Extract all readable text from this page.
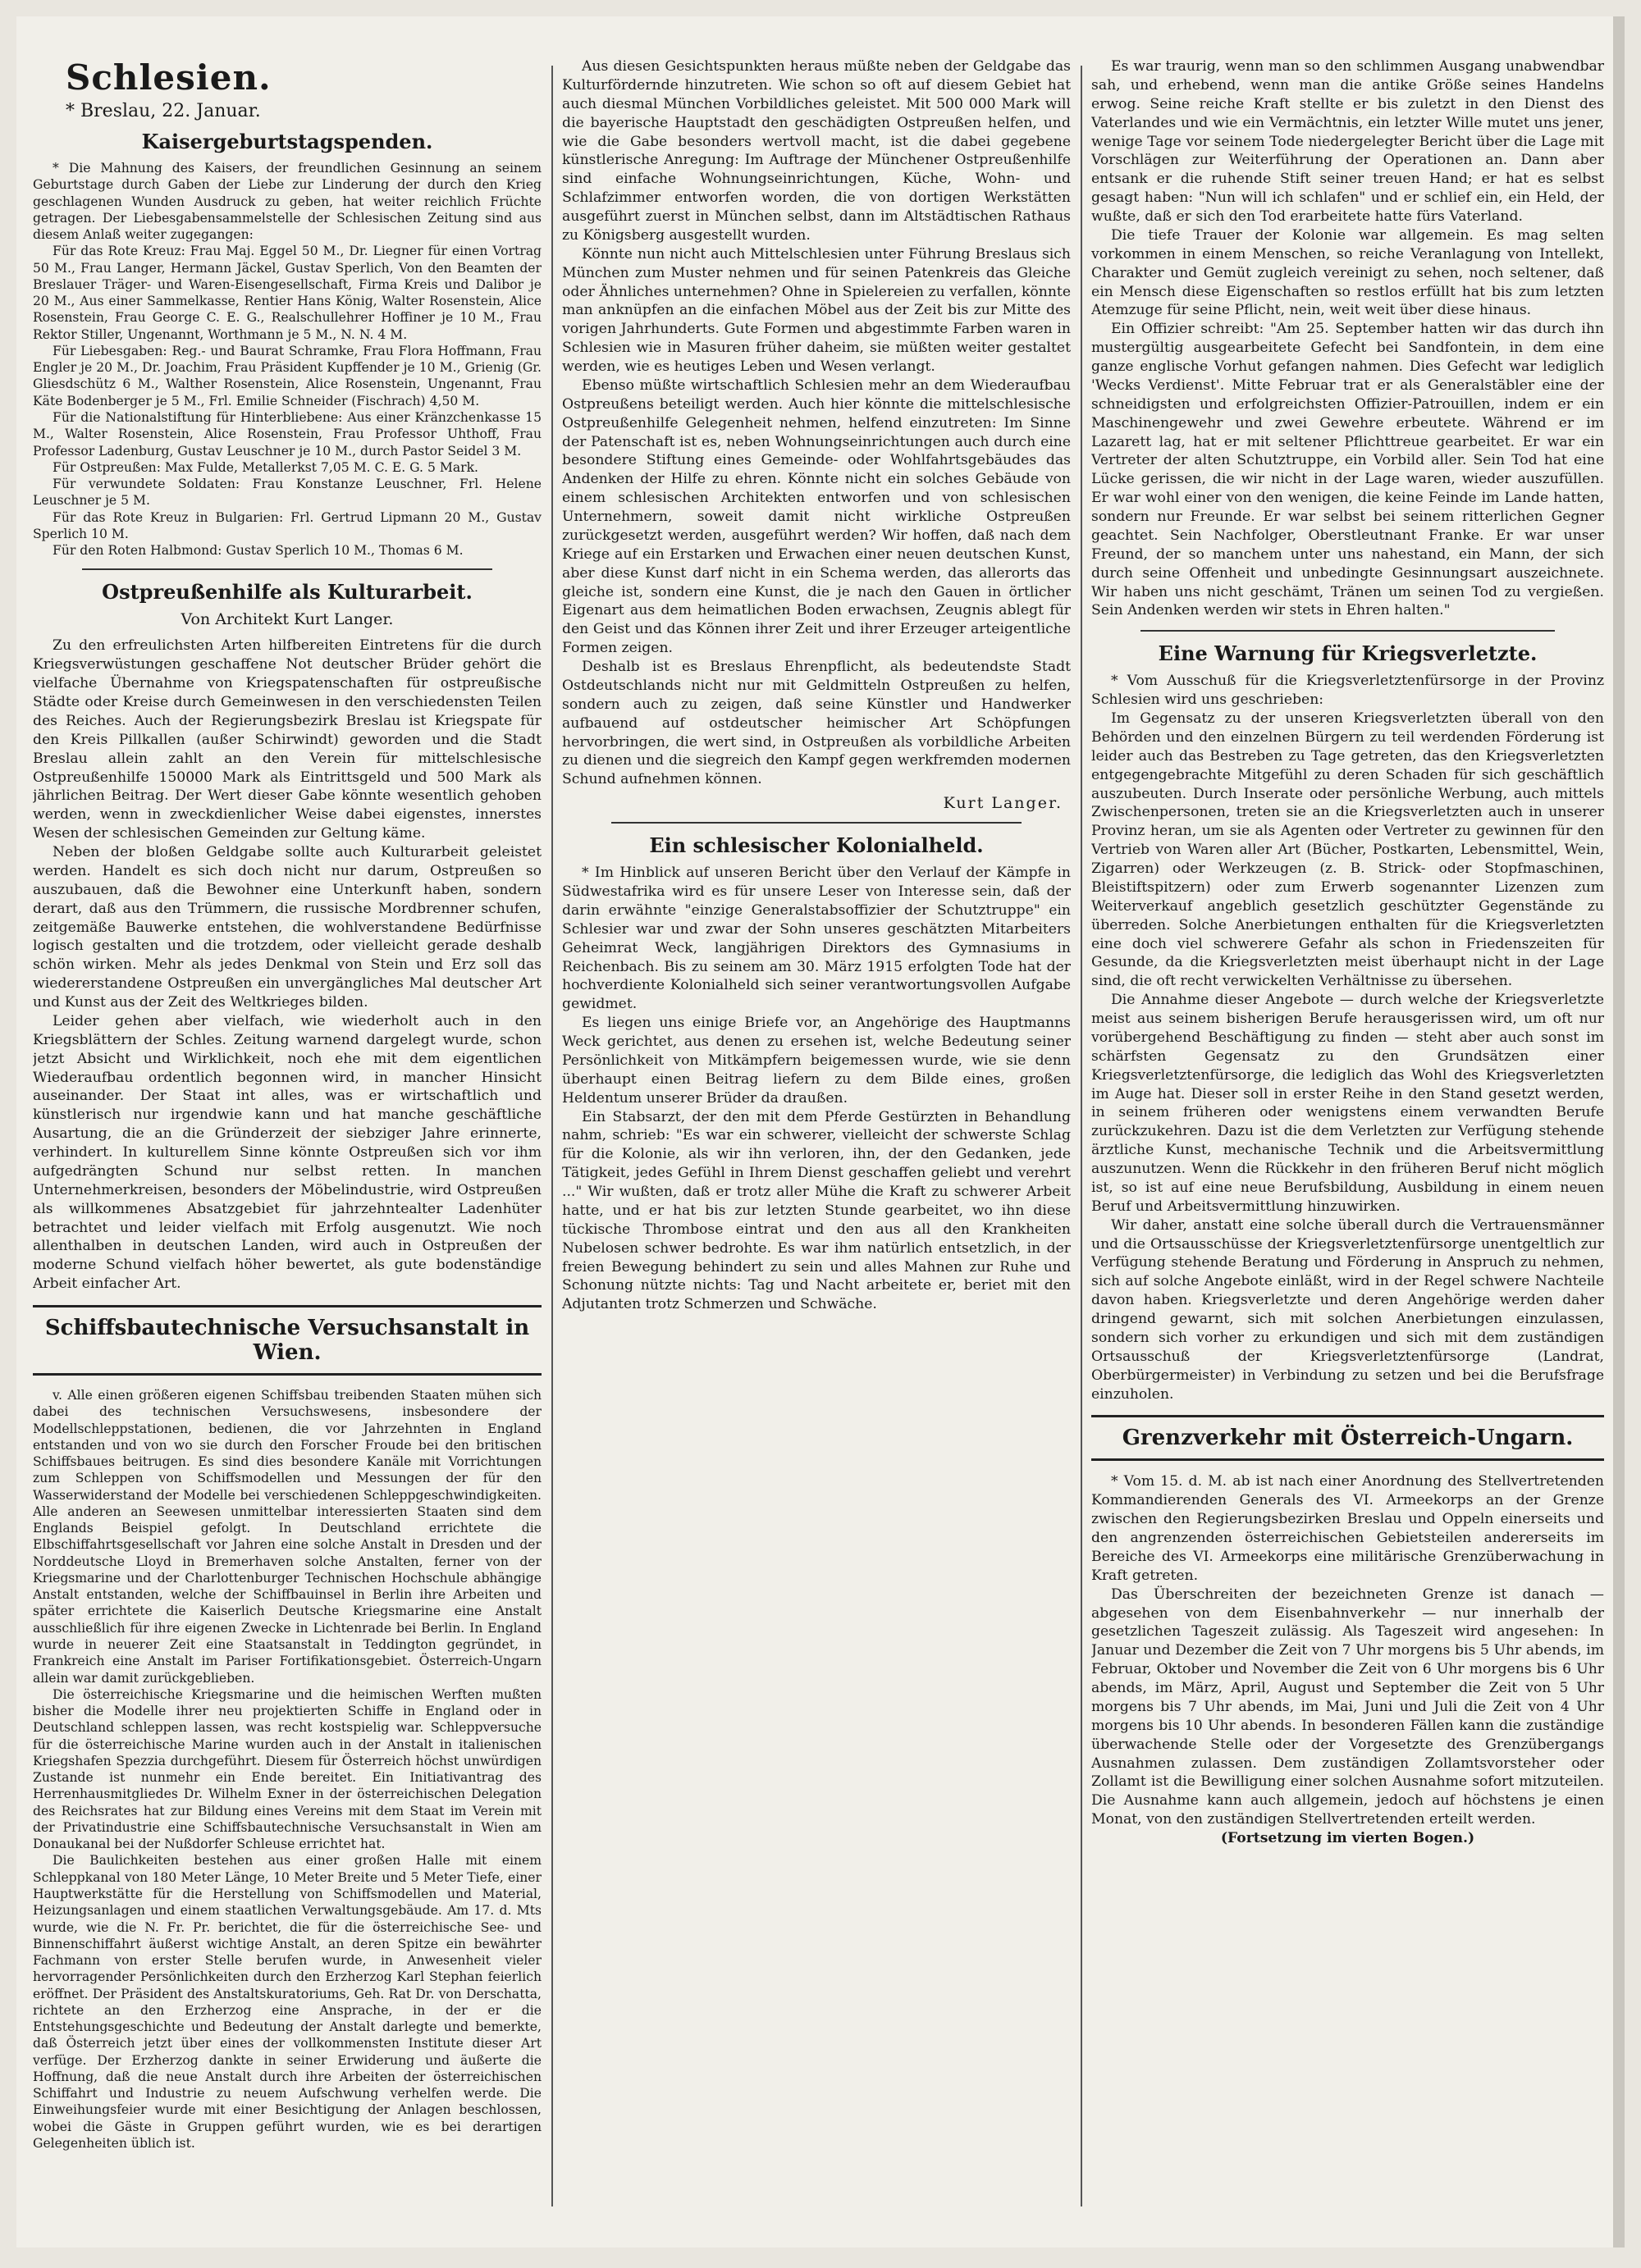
Schlesien.
* Breslau, 22. Januar.
Kaisergeburtstagspenden.

* Die Mahnung des Kaisers, der freundlichen Gesinnung an seinem Geburtstage durch Gaben der Liebe zur Linderung der durch den Krieg geschlagenen Wunden Ausdruck zu geben, hat weiter reichlich Früchte getragen. Der Liebesgabensammelstelle der Schlesischen Zeitung sind aus diesem Anlaß weiter zugegangen:

Für das Rote Kreuz: Frau Maj. Eggel 50 M., Dr. Liegner für einen Vortrag 50 M., Frau Langer, Hermann Jäckel, Gustav Sperlich, Von den Beamten der Breslauer Träger- und Waren-Eisengesellschaft, Firma Kreis und Dalibor je 20 M., Aus einer Sammelkasse, Rentier Hans König, Walter Rosenstein, Alice Rosenstein, Frau George C. E. G., Realschullehrer Hoffiner je 10 M., Frau Rektor Stiller, Ungenannt, Worthmann je 5 M., N. N. 4 M.

Für Liebesgaben: Reg.- und Baurat Schramke, Frau Flora Hoffmann, Frau Engler je 20 M., Dr. Joachim, Frau Präsident Kupffender je 10 M., Grienig (Gr. Gliesdschütz 6 M., Walther Rosenstein, Alice Rosenstein, Ungenannt, Frau Käte Bodenberger je 5 M., Frl. Emilie Schneider (Fischrach) 4,50 M.

Für die Nationalstiftung für Hinterbliebene: Aus einer Kränzchenkasse 15 M., Walter Rosenstein, Alice Rosenstein, Frau Professor Uhthoff, Frau Professor Ladenburg, Gustav Leuschner je 10 M., durch Pastor Seidel 3 M.

Für Ostpreußen: Max Fulde, Metallerkst 7,05 M. C. E. G. 5 Mark.

Für verwundete Soldaten: Frau Konstanze Leuschner, Frl. Helene Leuschner je 5 M.

Für das Rote Kreuz in Bulgarien: Frl. Gertrud Lipmann 20 M., Gustav Sperlich 10 M.

Für den Roten Halbmond: Gustav Sperlich 10 M., Thomas 6 M.

Ostpreußenhilfe als Kulturarbeit.
Von Architekt Kurt Langer.

Zu den erfreulichsten Arten hilfbereiten Eintretens für die durch Kriegsverwüstungen geschaffene Not deutscher Brüder gehört die vielfache Übernahme von Kriegspatenschaften für ostpreußische Städte oder Kreise durch Gemeinwesen in den verschiedensten Teilen des Reiches. Auch der Regierungsbezirk Breslau ist Kriegspate für den Kreis Pillkallen (außer Schirwindt) geworden und die Stadt Breslau allein zahlt an den Verein für mittelschlesische Ostpreußenhilfe 150000 Mark als Eintrittsgeld und 500 Mark als jährlichen Beitrag. Der Wert dieser Gabe könnte wesentlich gehoben werden, wenn in zweckdienlicher Weise dabei eigenstes, innerstes Wesen der schlesischen Gemeinden zur Geltung käme.

Neben der bloßen Geldgabe sollte auch Kulturarbeit geleistet werden. Handelt es sich doch nicht nur darum, Ostpreußen so auszubauen, daß die Bewohner eine Unterkunft haben, sondern derart, daß aus den Trümmern, die russische Mordbrenner schufen, zeitgemäße Bauwerke entstehen, die wohlverstandene Bedürfnisse logisch gestalten und die trotzdem, oder vielleicht gerade deshalb schön wirken. Mehr als jedes Denkmal von Stein und Erz soll das wiedererstandene Ostpreußen ein unvergängliches Mal deutscher Art und Kunst aus der Zeit des Weltkrieges bilden.

Leider gehen aber vielfach, wie wiederholt auch in den Kriegsblättern der Schles. Zeitung warnend dargelegt wurde, schon jetzt Absicht und Wirklichkeit, noch ehe mit dem eigentlichen Wiederaufbau ordentlich begonnen wird, in mancher Hinsicht auseinander. Der Staat int alles, was er wirtschaftlich und künstlerisch nur irgendwie kann und hat manche geschäftliche Ausartung, die an die Gründerzeit der siebziger Jahre erinnerte, verhindert. In kulturellem Sinne könnte Ostpreußen sich vor ihm aufgedrängten Schund nur selbst retten. In manchen Unternehmerkreisen, besonders der Möbelindustrie, wird Ostpreußen als willkommenes Absatzgebiet für jahrzehntealter Ladenhüter betrachtet und leider vielfach mit Erfolg ausgenutzt. Wie noch allenthalben in deutschen Landen, wird auch in Ostpreußen der moderne Schund vielfach höher bewertet, als gute bodenständige Arbeit einfacher Art.

Schiffsbautechnische Versuchsanstalt in Wien.

v. Alle einen größeren eigenen Schiffsbau treibenden Staaten mühen sich dabei des technischen Versuchswesens, insbesondere der Modellschleppstationen, bedienen, die vor Jahrzehnten in England entstanden und von wo sie durch den Forscher Froude bei den britischen Schiffsbaues beitrugen. Es sind dies besondere Kanäle mit Vorrichtungen zum Schleppen von Schiffsmodellen und Messungen der für den Wasserwiderstand der Modelle bei verschiedenen Schleppgeschwindigkeiten. Alle anderen an Seewesen unmittelbar interessierten Staaten sind dem Englands Beispiel gefolgt. In Deutschland errichtete die Elbschiffahrtsgesellschaft vor Jahren eine solche Anstalt in Dresden und der Norddeutsche Lloyd in Bremerhaven solche Anstalten, ferner von der Kriegsmarine und der Charlottenburger Technischen Hochschule abhängige Anstalt entstanden, welche der Schiffbauinsel in Berlin ihre Arbeiten und später errichtete die Kaiserlich Deutsche Kriegsmarine eine Anstalt ausschließlich für ihre eigenen Zwecke in Lichtenrade bei Berlin. In England wurde in neuerer Zeit eine Staatsanstalt in Teddington gegründet, in Frankreich eine Anstalt im Pariser Fortifikationsgebiet. Österreich-Ungarn allein war damit zurückgeblieben.

Die österreichische Kriegsmarine und die heimischen Werften mußten bisher die Modelle ihrer neu projektierten Schiffe in England oder in Deutschland schleppen lassen, was recht kostspielig war. Schleppversuche für die österreichische Marine wurden auch in der Anstalt in italienischen Kriegshafen Spezzia durchgeführt. Diesem für Österreich höchst unwürdigen Zustande ist nunmehr ein Ende bereitet. Ein Initiativantrag des Herrenhausmitgliedes Dr. Wilhelm Exner in der österreichischen Delegation des Reichsrates hat zur Bildung eines Vereins mit dem Staat im Verein mit der Privatindustrie eine Schiffsbautechnische Versuchsanstalt in Wien am Donaukanal bei der Nußdorfer Schleuse errichtet hat.

Die Baulichkeiten bestehen aus einer großen Halle mit einem Schleppkanal von 180 Meter Länge, 10 Meter Breite und 5 Meter Tiefe, einer Hauptwerkstätte für die Herstellung von Schiffsmodellen und Material, Heizungsanlagen und einem staatlichen Verwaltungsgebäude. Am 17. d. Mts wurde, wie die N. Fr. Pr. berichtet, die für die österreichische See- und Binnenschiffahrt äußerst wichtige Anstalt, an deren Spitze ein bewährter Fachmann von erster Stelle berufen wurde, in Anwesenheit vieler hervorragender Persönlichkeiten durch den Erzherzog Karl Stephan feierlich eröffnet. Der Präsident des Anstaltskuratoriums, Geh. Rat Dr. von Derschatta, richtete an den Erzherzog eine Ansprache, in der er die Entstehungsgeschichte und Bedeutung der Anstalt darlegte und bemerkte, daß Österreich jetzt über eines der vollkommensten Institute dieser Art verfüge. Der Erzherzog dankte in seiner Erwiderung und äußerte die Hoffnung, daß die neue Anstalt durch ihre Arbeiten der österreichischen Schiffahrt und Industrie zu neuem Aufschwung verhelfen werde. Die Einweihungsfeier wurde mit einer Besichtigung der Anlagen beschlossen, wobei die Gäste in Gruppen geführt wurden, wie es bei derartigen Gelegenheiten üblich ist.

Aus diesen Gesichtspunkten heraus müßte neben der Geldgabe das Kulturfördernde hinzutreten. Wie schon so oft auf diesem Gebiet hat auch diesmal München Vorbildliches geleistet. Mit 500 000 Mark will die bayerische Hauptstadt den geschädigten Ostpreußen helfen, und wie die Gabe besonders wertvoll macht, ist die dabei gegebene künstlerische Anregung: Im Auftrage der Münchener Ostpreußenhilfe sind einfache Wohnungseinrichtungen, Küche, Wohn- und Schlafzimmer entworfen worden, die von dortigen Werkstätten ausgeführt zuerst in München selbst, dann im Altstädtischen Rathaus zu Königsberg ausgestellt wurden.

Könnte nun nicht auch Mittelschlesien unter Führung Breslaus sich München zum Muster nehmen und für seinen Patenkreis das Gleiche oder Ähnliches unternehmen? Ohne in Spielereien zu verfallen, könnte man anknüpfen an die einfachen Möbel aus der Zeit bis zur Mitte des vorigen Jahrhunderts. Gute Formen und abgestimmte Farben waren in Schlesien wie in Masuren früher daheim, sie müßten weiter gestaltet werden, wie es heutiges Leben und Wesen verlangt.

Ebenso müßte wirtschaftlich Schlesien mehr an dem Wiederaufbau Ostpreußens beteiligt werden. Auch hier könnte die mittelschlesische Ostpreußenhilfe Gelegenheit nehmen, helfend einzutreten: Im Sinne der Patenschaft ist es, neben Wohnungseinrichtungen auch durch eine besondere Stiftung eines Gemeinde- oder Wohlfahrtsgebäudes das Andenken der Hilfe zu ehren. Könnte nicht ein solches Gebäude von einem schlesischen Architekten entworfen und von schlesischen Unternehmern, soweit damit nicht wirkliche Ostpreußen zurückgesetzt werden, ausgeführt werden? Wir hoffen, daß nach dem Kriege auf ein Erstarken und Erwachen einer neuen deutschen Kunst, aber diese Kunst darf nicht in ein Schema werden, das allerorts das gleiche ist, sondern eine Kunst, die je nach den Gauen in örtlicher Eigenart aus dem heimatlichen Boden erwachsen, Zeugnis ablegt für den Geist und das Können ihrer Zeit und ihrer Erzeuger arteigentliche Formen zeigen.

Deshalb ist es Breslaus Ehrenpflicht, als bedeutendste Stadt Ostdeutschlands nicht nur mit Geldmitteln Ostpreußen zu helfen, sondern auch zu zeigen, daß seine Künstler und Handwerker aufbauend auf ostdeutscher heimischer Art Schöpfungen hervorbringen, die wert sind, in Ostpreußen als vorbildliche Arbeiten zu dienen und die siegreich den Kampf gegen werkfremden modernen Schund aufnehmen können.

Kurt Langer.
Ein schlesischer Kolonialheld.

* Im Hinblick auf unseren Bericht über den Verlauf der Kämpfe in Südwestafrika wird es für unsere Leser von Interesse sein, daß der darin erwähnte "einzige Generalstabsoffizier der Schutztruppe" ein Schlesier war und zwar der Sohn unseres geschätzten Mitarbeiters Geheimrat Weck, langjährigen Direktors des Gymnasiums in Reichenbach. Bis zu seinem am 30. März 1915 erfolgten Tode hat der hochverdiente Kolonialheld sich seiner verantwortungsvollen Aufgabe gewidmet.

Es liegen uns einige Briefe vor, an Angehörige des Hauptmanns Weck gerichtet, aus denen zu ersehen ist, welche Bedeutung seiner Persönlichkeit von Mitkämpfern beigemessen wurde, wie sie denn überhaupt einen Beitrag liefern zu dem Bilde eines, großen Heldentum unserer Brüder da draußen.

Ein Stabsarzt, der den mit dem Pferde Gestürzten in Behandlung nahm, schrieb: "Es war ein schwerer, vielleicht der schwerste Schlag für die Kolonie, als wir ihn verloren, ihn, der den Gedanken, jede Tätigkeit, jedes Gefühl in Ihrem Dienst geschaffen geliebt und verehrt ..." Wir wußten, daß er trotz aller Mühe die Kraft zu schwerer Arbeit hatte, und er hat bis zur letzten Stunde gearbeitet, wo ihn diese tückische Thrombose eintrat und den aus all den Krankheiten Nubelosen schwer bedrohte. Es war ihm natürlich entsetzlich, in der freien Bewegung behindert zu sein und alles Mahnen zur Ruhe und Schonung nützte nichts: Tag und Nacht arbeitete er, beriet mit den Adjutanten trotz Schmerzen und Schwäche.

Es war traurig, wenn man so den schlimmen Ausgang unabwendbar sah, und erhebend, wenn man die antike Größe seines Handelns erwog. Seine reiche Kraft stellte er bis zuletzt in den Dienst des Vaterlandes und wie ein Vermächtnis, ein letzter Wille mutet uns jener, wenige Tage vor seinem Tode niedergelegter Bericht über die Lage mit Vorschlägen zur Weiterführung der Operationen an. Dann aber entsank er die ruhende Stift seiner treuen Hand; er hat es selbst gesagt haben: "Nun will ich schlafen" und er schlief ein, ein Held, der wußte, daß er sich den Tod erarbeitete hatte fürs Vaterland.

Die tiefe Trauer der Kolonie war allgemein. Es mag selten vorkommen in einem Menschen, so reiche Veranlagung von Intellekt, Charakter und Gemüt zugleich vereinigt zu sehen, noch seltener, daß ein Mensch diese Eigenschaften so restlos erfüllt hat bis zum letzten Atemzuge für seine Pflicht, nein, weit weit über diese hinaus.

Ein Offizier schreibt: "Am 25. September hatten wir das durch ihn mustergültig ausgearbeitete Gefecht bei Sandfontein, in dem eine ganze englische Vorhut gefangen nahmen. Dies Gefecht war lediglich 'Wecks Verdienst'. Mitte Februar trat er als Generalstäbler eine der schneidigsten und erfolgreichsten Offizier-Patrouillen, indem er ein Maschinengewehr und zwei Gewehre erbeutete. Während er im Lazarett lag, hat er mit seltener Pflichttreue gearbeitet. Er war ein Vertreter der alten Schutztruppe, ein Vorbild aller. Sein Tod hat eine Lücke gerissen, die wir nicht in der Lage waren, wieder auszufüllen. Er war wohl einer von den wenigen, die keine Feinde im Lande hatten, sondern nur Freunde. Er war selbst bei seinem ritterlichen Gegner geachtet. Sein Nachfolger, Oberstleutnant Franke. Er war unser Freund, der so manchem unter uns nahestand, ein Mann, der sich durch seine Offenheit und unbedingte Gesinnungsart auszeichnete. Wir haben uns nicht geschämt, Tränen um seinen Tod zu vergießen. Sein Andenken werden wir stets in Ehren halten."

Eine Warnung für Kriegsverletzte.

* Vom Ausschuß für die Kriegsverletztenfürsorge in der Provinz Schlesien wird uns geschrieben:

Im Gegensatz zu der unseren Kriegsverletzten überall von den Behörden und den einzelnen Bürgern zu teil werdenden Förderung ist leider auch das Bestreben zu Tage getreten, das den Kriegsverletzten entgegengebrachte Mitgefühl zu deren Schaden für sich geschäftlich auszubeuten. Durch Inserate oder persönliche Werbung, auch mittels Zwischenpersonen, treten sie an die Kriegsverletzten auch in unserer Provinz heran, um sie als Agenten oder Vertreter zu gewinnen für den Vertrieb von Waren aller Art (Bücher, Postkarten, Lebensmittel, Wein, Zigarren) oder Werkzeugen (z. B. Strick- oder Stopfmaschinen, Bleistiftspitzern) oder zum Erwerb sogenannter Lizenzen zum Weiterverkauf angeblich gesetzlich geschützter Gegenstände zu überreden. Solche Anerbietungen enthalten für die Kriegsverletzten eine doch viel schwerere Gefahr als schon in Friedenszeiten für Gesunde, da die Kriegsverletzten meist überhaupt nicht in der Lage sind, die oft recht verwickelten Verhältnisse zu übersehen.

Die Annahme dieser Angebote — durch welche der Kriegsverletzte meist aus seinem bisherigen Berufe herausgerissen wird, um oft nur vorübergehend Beschäftigung zu finden — steht aber auch sonst im schärfsten Gegensatz zu den Grundsätzen einer Kriegsverletztenfürsorge, die lediglich das Wohl des Kriegsverletzten im Auge hat. Dieser soll in erster Reihe in den Stand gesetzt werden, in seinem früheren oder wenigstens einem verwandten Berufe zurückzukehren. Dazu ist die dem Verletzten zur Verfügung stehende ärztliche Kunst, mechanische Technik und die Arbeitsvermittlung auszunutzen. Wenn die Rückkehr in den früheren Beruf nicht möglich ist, so ist auf eine neue Berufsbildung, Ausbildung in einem neuen Beruf und Arbeitsvermittlung hinzuwirken.

Wir daher, anstatt eine solche überall durch die Vertrauensmänner und die Ortsausschüsse der Kriegsverletztenfürsorge unentgeltlich zur Verfügung stehende Beratung und Förderung in Anspruch zu nehmen, sich auf solche Angebote einläßt, wird in der Regel schwere Nachteile davon haben. Kriegsverletzte und deren Angehörige werden daher dringend gewarnt, sich mit solchen Anerbietungen einzulassen, sondern sich vorher zu erkundigen und sich mit dem zuständigen Ortsausschuß der Kriegsverletztenfürsorge (Landrat, Oberbürgermeister) in Verbindung zu setzen und bei die Berufsfrage einzuholen.

Grenzverkehr mit Österreich-Ungarn.

* Vom 15. d. M. ab ist nach einer Anordnung des Stellvertretenden Kommandierenden Generals des VI. Armeekorps an der Grenze zwischen den Regierungsbezirken Breslau und Oppeln einerseits und den angrenzenden österreichischen Gebietsteilen andererseits im Bereiche des VI. Armeekorps eine militärische Grenzüberwachung in Kraft getreten.

Das Überschreiten der bezeichneten Grenze ist danach — abgesehen von dem Eisenbahnverkehr — nur innerhalb der gesetzlichen Tageszeit zulässig. Als Tageszeit wird angesehen: In Januar und Dezember die Zeit von 7 Uhr morgens bis 5 Uhr abends, im Februar, Oktober und November die Zeit von 6 Uhr morgens bis 6 Uhr abends, im März, April, August und September die Zeit von 5 Uhr morgens bis 7 Uhr abends, im Mai, Juni und Juli die Zeit von 4 Uhr morgens bis 10 Uhr abends. In besonderen Fällen kann die zuständige überwachende Stelle oder der Vorgesetzte des Grenzübergangs Ausnahmen zulassen. Dem zuständigen Zollamtsvorsteher oder Zollamt ist die Bewilligung einer solchen Ausnahme sofort mitzuteilen. Die Ausnahme kann auch allgemein, jedoch auf höchstens je einen Monat, von den zuständigen Stellvertretenden erteilt werden.

(Fortsetzung im vierten Bogen.)
